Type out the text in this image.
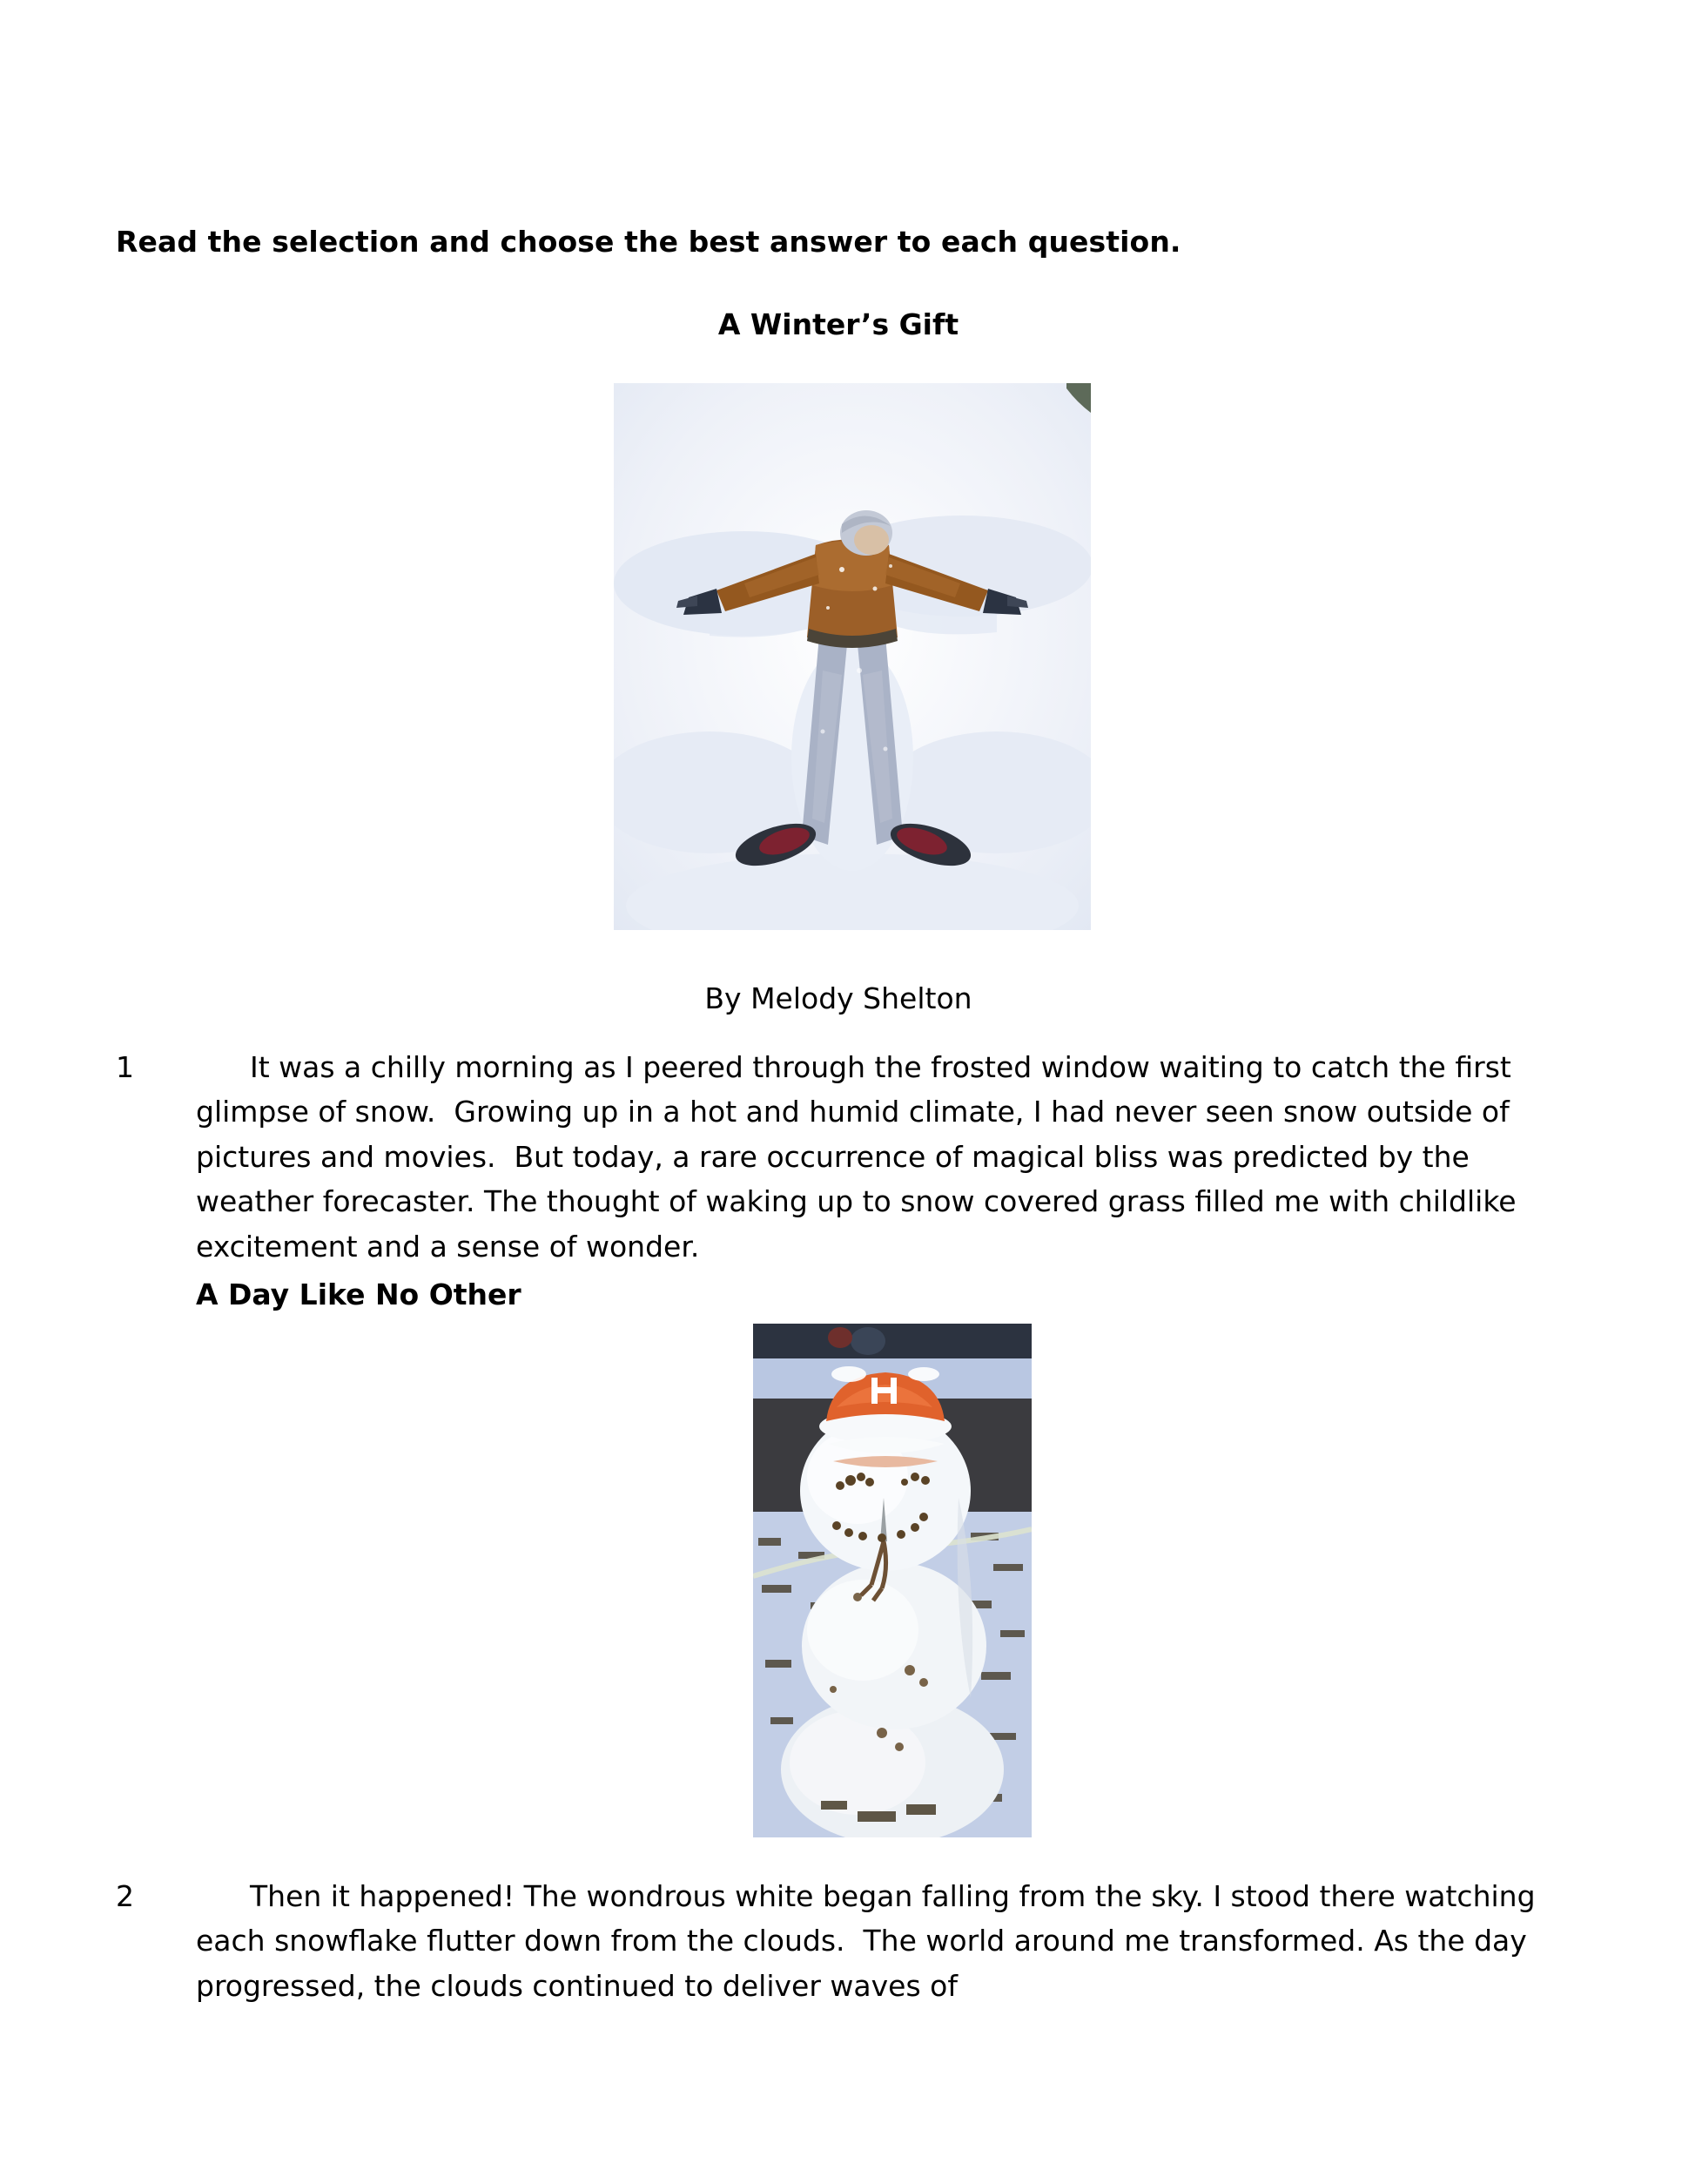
Read the selection and choose the best answer to each question.
A Winter’s Gift
By Melody Shelton
1	It was a chilly morning as I peered through the frosted window waiting to catch the first glimpse of snow.  Growing up in a hot and humid climate, I had never seen snow outside of pictures and movies.  But today, a rare occurrence of magical bliss was predicted by the weather forecaster. The thought of waking up to snow covered grass filled me with childlike excitement and a sense of wonder.
A Day Like No Other
2	Then it happened! The wondrous white began falling from the sky. I stood there watching each snowflake flutter down from the clouds.  The world around me transformed. As the day progressed, the clouds continued to deliver waves of
